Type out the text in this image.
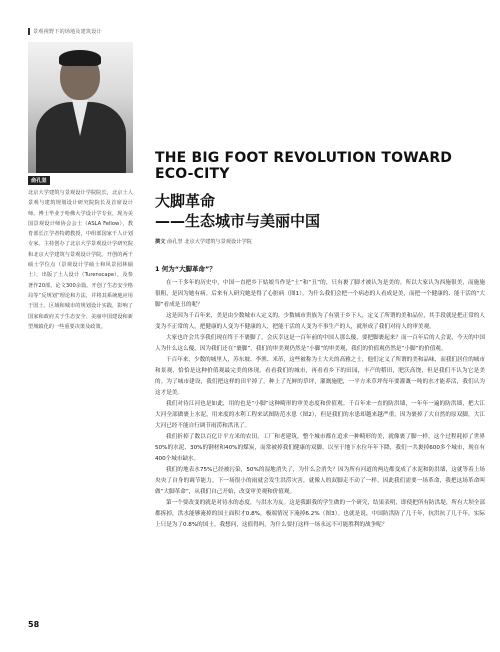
景观视野下的场地及建筑设计
俞孔坚
北京大学建筑与景观设计学院院长，北京土人景观与建筑规划设计研究院院长及首席设计师。博士毕业于哈佛大学设计学专业，现为美国景观设计师协会会士（ASLA Fellow），教育部长江学者特聘教授，中组部国家千人计划专家。主持创办了北京大学景观设计学研究院和北京大学建筑与景观设计学院。开创的两千硕士学位点（景观设计学硕士和风景园林硕士），出版了土人设计（Turenscape），及参著作20部，论文300余篇。开创了生态安全格局等“反规划”理论和方法，并将其系统地应用于国土、区域和城市的规划设计实践，影响了国家和政府关于生态安全、美丽中国建设和新型城镇化的一些重要决策及政策。
THE BIG FOOT REVOLUTION TOWARD ECO-CITY
大脚革命
——生态城市与美丽中国
撰文 俞孔坚 北京大学建筑与景观设计学院
1 何为“大脚革命”？

在一千多年的历史中，中国一直把乡下姑娘当作是“土”和“丑”的，只有裹了脚才被认为是美的。所以大家认为西施很美，而施施很粗，是因为她有病。后来有人研究她是得了心脏病（图1）。为什么我们会把一个病态的人看成是美，而把一个健康的、能干活的“大脚”看成是丑的呢？

这是因为千百年来，美是由少数城市人定义的。少数城市贵族为了有别于乡下人，定义了所谓的美和品位，其手段就是把正常的人变为不正常的人，把健康的人变为不健康的人，把能干活的人变为不事生产的人，就形成了我们对待人的审美观。

大家也许会共享我们现在终于不裹脚了，会庆幸这是一百年前的中国人那么傻，要把脚裹起来？而一百年后的人会说，今天的中国人为什么这么傻，因为我们还在“裹脚”，我们的审美观仍然是“小脚”的审美观，我们的价值观仍然是“小脚”的价值观。

千百年来，少数的城里人，苏东坡、李渔、米芾，这些被称为士大夫的高雅之士，他们定义了所谓的美和品味，而我们居住的城市和景观，恰恰是这种价值观最完美的体现。看看我们的城市，再看看乡下的田园，丰产的稻田，肥沃高饶，但是我们不认为它是美的。为了城市建设，我们把这样的田平掉了，种上了光鲜的草坪，灌溉施肥，一平方米草坪每年要灌溉一吨的水才能养活，我们认为这才是美。

我们对待江河也是如此，用的也是“小脚”这种畸形的审美态度和价值观。千百年来一直的防洪墙，一年年一遍的防洪墙，把大江大河全部做裹上水泥，用来度的水利工程来试图防范水患（图2），但是我们的水患却越来越严重，因为裹掉了大自然的原双脚，大江大河已经不能自行调节雨涝和洪汛了。

我们折掉了数以百亿计平方米的农田，工厂和老建筑，整个城市都在追求一种畸形的美，就像裹了脚一样，这个过程耗掉了世界50%的水泥、30%的钢材和40%的煤炭，而常被掉我们健康的双脚，以至于地下水位年年下降，我们一共裹掉600多个城市，现在有400个城市缺水。

我们的地表水75%已经被污染，50%的湿地消失了，为什么会消失？因为所有河道的两边都变成了水泥和防洪墙，这就等着上场央央了自身的调节能力。下一场很小的雨就会发生洪涝灾害，就像人的双脚走不动了一样。因此我们需要一场革命，我把这场革命叫做“大脚革命”，从我们自己开始，改变审美观和价值观。

第一个要改变的就是对待水的态度，与洪水为友。这是我跟我的学生做的一个研究，结果表明，即使把所有防洪堤，所有大坝全部都拆掉，洪水能够淹掉的国土面积才0.8%，极端情况下淹掉6.2%（图3）。也就是说，中国防洪防了几千年，抗洪抗了几千年，实际上只是为了0.8%的国土。我想问，这值得吗，为什么要打这样一场永远不可能胜利的战争呢？

58
